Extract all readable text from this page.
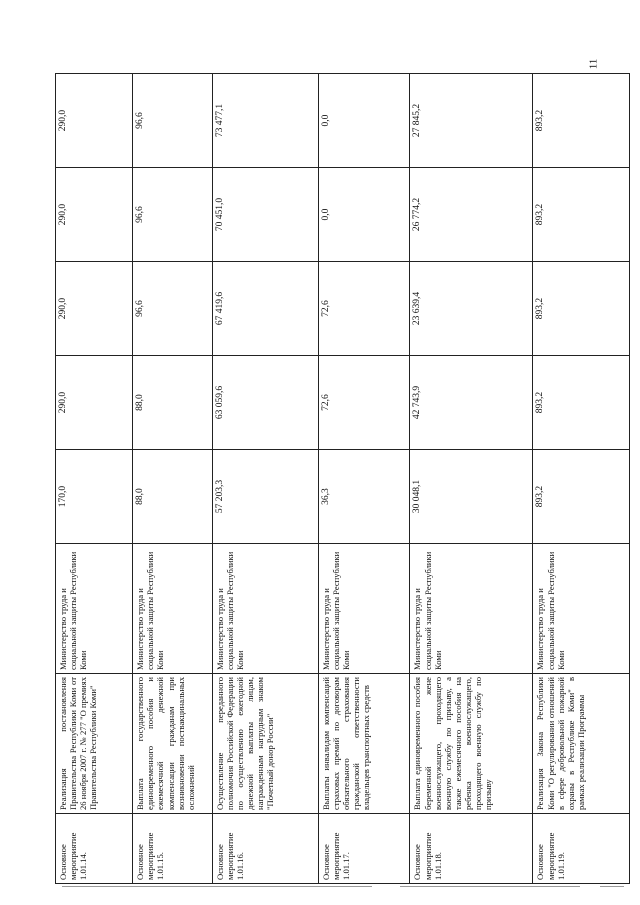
11
Основное мероприятие 1.01.14.	Реализация постановления Правительства Республики Коми от 26 ноября 2007 г. № 277 "О премиях Правительства Республики Коми"	Министерство труда и социальной защиты Республики Коми	170,0	290,0	290,0	290,0	290,0
Основное мероприятие 1.01.15.	Выплата государственного единовременного пособия и ежемесячной денежной компенсации гражданам при возникновении поствакцинальных осложнений	Министерство труда и социальной защиты Республики Коми	88,0	88,0	96,6	96,6	96,6
Основное мероприятие 1.01.16.	Осуществление переданного полномочия Российской Федерации по осуществлению ежегодной денежной выплаты лицам, награжденным нагрудным знаком "Почетный донор России"	Министерство труда и социальной защиты Республики Коми	57 203,3	63 059,6	67 419,6	70 451,0	73 477,1
Основное мероприятие 1.01.17.	Выплаты инвалидам компенсаций страховых премий по договорам обязательного страхования гражданской ответственности владельцев транспортных средств	Министерство труда и социальной защиты Республики Коми	36,3	72,6	72,6	0,0	0,0
Основное мероприятие 1.01.18.	Выплата единовременного пособия беременной жене военнослужащего, проходящего военную службу по призыву, а также ежемесячного пособия на ребенка военнослужащего, проходящего военную службу по призыву	Министерство труда и социальной защиты Республики Коми	30 048,1	42 743,9	23 639,4	26 774,2	27 845,2
Основное мероприятие 1.01.19.	Реализация Закона Республики Коми "О регулировании отношений в сфере добровольной пожарной охраны в Республике Коми" в рамках реализации Программы	Министерство труда и социальной защиты Республики Коми	893,2	893,2	893,2	893,2	893,2
